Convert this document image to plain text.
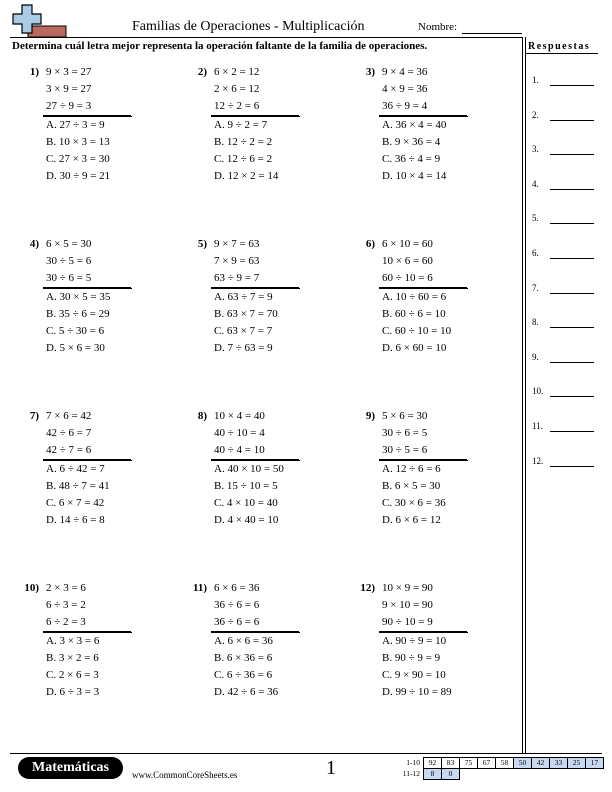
Familias de Operaciones - Multiplicación	Nombre:
Determina cuál letra mejor representa la operación faltante de la familia de operaciones.	Respuestas
1.
2.
3.
4.
5.
6.
7.
8.
9.
10.
11.
12.
1) 9 × 3 = 27
3 × 9 = 27
27 ÷ 9 = 3
A. 27 ÷ 3 = 9
B. 10 × 3 = 13
C. 27 × 3 = 30
D. 30 ÷ 9 = 21
2) 6 × 2 = 12
2 × 6 = 12
12 ÷ 2 = 6
A. 9 ÷ 2 = 7
B. 12 ÷ 2 = 2
C. 12 ÷ 6 = 2
D. 12 × 2 = 14
3) 9 × 4 = 36
4 × 9 = 36
36 ÷ 9 = 4
A. 36 × 4 = 40
B. 9 × 36 = 4
C. 36 ÷ 4 = 9
D. 10 × 4 = 14
4) 6 × 5 = 30
30 ÷ 5 = 6
30 ÷ 6 = 5
A. 30 × 5 = 35
B. 35 ÷ 6 = 29
C. 5 ÷ 30 = 6
D. 5 × 6 = 30
5) 9 × 7 = 63
7 × 9 = 63
63 ÷ 9 = 7
A. 63 ÷ 7 = 9
B. 63 × 7 = 70
C. 63 × 7 = 7
D. 7 ÷ 63 = 9
6) 6 × 10 = 60
10 × 6 = 60
60 ÷ 10 = 6
A. 10 ÷ 60 = 6
B. 60 ÷ 6 = 10
C. 60 ÷ 10 = 10
D. 6 × 60 = 10
7) 7 × 6 = 42
42 ÷ 6 = 7
42 ÷ 7 = 6
A. 6 ÷ 42 = 7
B. 48 ÷ 7 = 41
C. 6 × 7 = 42
D. 14 ÷ 6 = 8
8) 10 × 4 = 40
40 ÷ 10 = 4
40 ÷ 4 = 10
A. 40 × 10 = 50
B. 15 ÷ 10 = 5
C. 4 × 10 = 40
D. 4 × 40 = 10
9) 5 × 6 = 30
30 ÷ 6 = 5
30 ÷ 5 = 6
A. 12 ÷ 6 = 6
B. 6 × 5 = 30
C. 30 × 6 = 36
D. 6 × 6 = 12
10) 2 × 3 = 6
6 ÷ 3 = 2
6 ÷ 2 = 3
A. 3 × 3 = 6
B. 3 × 2 = 6
C. 2 × 6 = 3
D. 6 ÷ 3 = 3
11) 6 × 6 = 36
36 ÷ 6 = 6
36 ÷ 6 = 6
A. 6 × 6 = 36
B. 6 × 36 = 6
C. 6 ÷ 36 = 6
D. 42 ÷ 6 = 36
12) 10 × 9 = 90
9 × 10 = 90
90 ÷ 10 = 9
A. 90 ÷ 9 = 10
B. 90 ÷ 9 = 9
C. 9 × 90 = 10
D. 99 ÷ 10 = 89
Matemáticas	www.CommonCoreSheets.es	1	1-10	92	83	75	67	58	50	42	33	25	17
11-12	8	0
